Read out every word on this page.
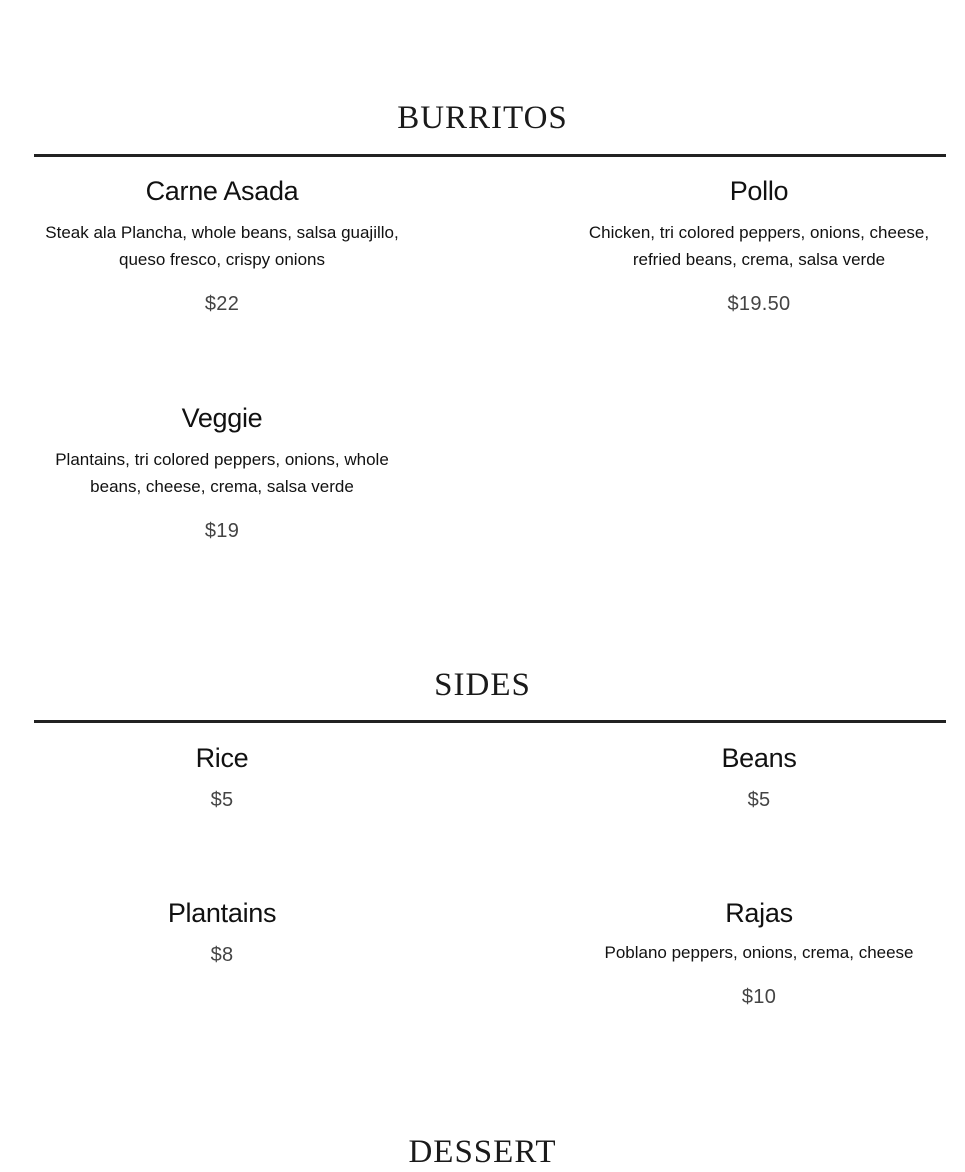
BURRITOS
Carne Asada
Steak ala Plancha, whole beans, salsa guajillo, queso fresco, crispy onions
$22
Pollo
Chicken, tri colored peppers, onions, cheese, refried beans, crema, salsa verde
$19.50
Veggie
Plantains, tri colored peppers, onions, whole beans, cheese, crema, salsa verde
$19
SIDES
Rice
$5
Beans
$5
Plantains
$8
Rajas
Poblano peppers, onions, crema, cheese
$10
DESSERT
